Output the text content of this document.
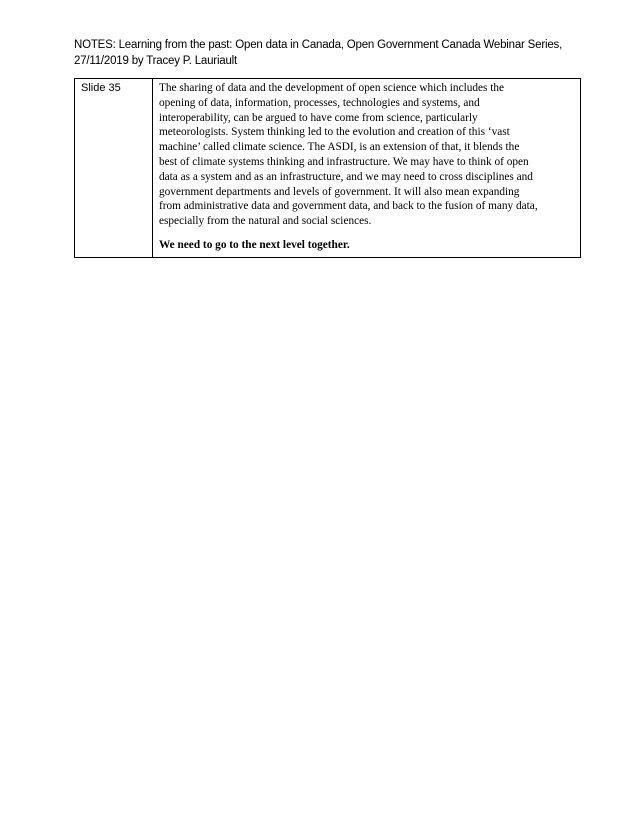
NOTES: Learning from the past: Open data in Canada, Open Government Canada Webinar Series,
27/11/2019 by Tracey P. Lauriault
Slide 35	The sharing of data and the development of open science which includes the
opening of data, information, processes, technologies and systems, and
interoperability, can be argued to have come from science, particularly
meteorologists. System thinking led to the evolution and creation of this ‘vast
machine’ called climate science. The ASDI, is an extension of that, it blends the
best of climate systems thinking and infrastructure. We may have to think of open
data as a system and as an infrastructure, and we may need to cross disciplines and
government departments and levels of government. It will also mean expanding
from administrative data and government data, and back to the fusion of many data,
especially from the natural and social sciences.
We need to go to the next level together.
